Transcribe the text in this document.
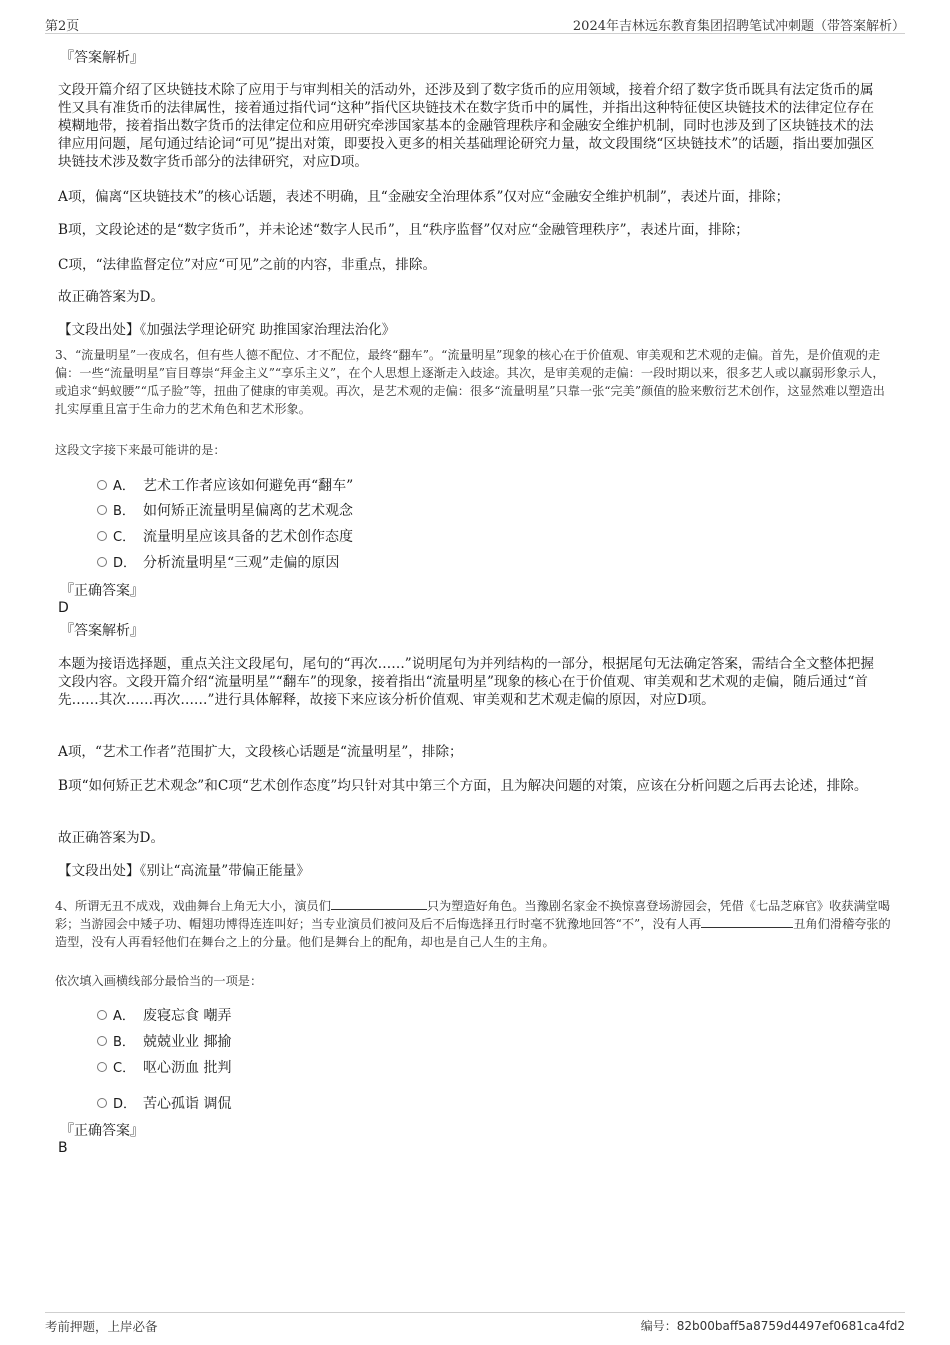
第2页	2024年吉林远东教育集团招聘笔试冲刺题（带答案解析）
『答案解析』
文段开篇介绍了区块链技术除了应用于与审判相关的活动外，还涉及到了数字货币的应用领域，接着介绍了数字货币既具有法定货币的属性又具有准货币的法律属性，接着通过指代词“这种”指代区块链技术在数字货币中的属性，并指出这种特征使区块链技术的法律定位存在模糊地带，接着指出数字货币的法律定位和应用研究牵涉国家基本的金融管理秩序和金融安全维护机制，同时也涉及到了区块链技术的法律应用问题，尾句通过结论词“可见”提出对策，即要投入更多的相关基础理论研究力量，故文段围绕“区块链技术”的话题，指出要加强区块链技术涉及数字货币部分的法律研究，对应D项。
A项，偏离“区块链技术”的核心话题，表述不明确，且“金融安全治理体系”仅对应“金融安全维护机制”，表述片面，排除；
B项，文段论述的是“数字货币”，并未论述“数字人民币”，且“秩序监督”仅对应“金融管理秩序”，表述片面，排除；
C项，“法律监督定位”对应“可见”之前的内容，非重点，排除。
故正确答案为D。
【文段出处】《加强法学理论研究 助推国家治理法治化》
3、“流量明星”一夜成名，但有些人德不配位、才不配位，最终“翻车”。“流量明星”现象的核心在于价值观、审美观和艺术观的走偏。首先，是价值观的走偏：一些“流量明星”盲目尊崇“拜金主义”“享乐主义”，在个人思想上逐渐走入歧途。其次，是审美观的走偏：一段时期以来，很多艺人或以赢弱形象示人，或追求“蚂蚁腰”“瓜子脸”等，扭曲了健康的审美观。再次，是艺术观的走偏：很多“流量明星”只靠一张“完美”颜值的脸来敷衍艺术创作，这显然难以塑造出扎实厚重且富于生命力的艺术角色和艺术形象。
这段文字接下来最可能讲的是：
A． 艺术工作者应该如何避免再“翻车”
B． 如何矫正流量明星偏离的艺术观念
C． 流量明星应该具备的艺术创作态度
D． 分析流量明星“三观”走偏的原因
『正确答案』
D
『答案解析』
本题为接语选择题，重点关注文段尾句，尾句的“再次……”说明尾句为并列结构的一部分，根据尾句无法确定答案，需结合全文整体把握文段内容。文段开篇介绍“流量明星”“翻车”的现象，接着指出“流量明星”现象的核心在于价值观、审美观和艺术观的走偏，随后通过“首先……其次……再次……”进行具体解释，故接下来应该分析价值观、审美观和艺术观走偏的原因，对应D项。
A项，“艺术工作者”范围扩大，文段核心话题是“流量明星”，排除；
B项“如何矫正艺术观念”和C项“艺术创作态度”均只针对其中第三个方面，且为解决问题的对策，应该在分析问题之后再去论述，排除。
故正确答案为D。
【文段出处】《别让“高流量”带偏正能量》
4、所谓无丑不成戏，戏曲舞台上角无大小，演员们	只为塑造好角色。当豫剧名家金不换惊喜登场游园会，凭借《七品芝麻官》收获满堂喝彩；当游园会中矮子功、帽翅功博得连连叫好；当专业演员们被问及后不后悔选择丑行时毫不犹豫地回答“不”，没有人再	丑角们滑稽夸张的造型，没有人再看轻他们在舞台之上的分量。他们是舞台上的配角，却也是自己人生的主角。
依次填入画横线部分最恰当的一项是：
A． 废寝忘食 嘲弄
B． 兢兢业业 揶揄
C． 呕心沥血 批判
D． 苦心孤诣 调侃
『正确答案』
B
考前押题，上岸必备	编号：82b00baff5a8759d4497ef0681ca4fd2
